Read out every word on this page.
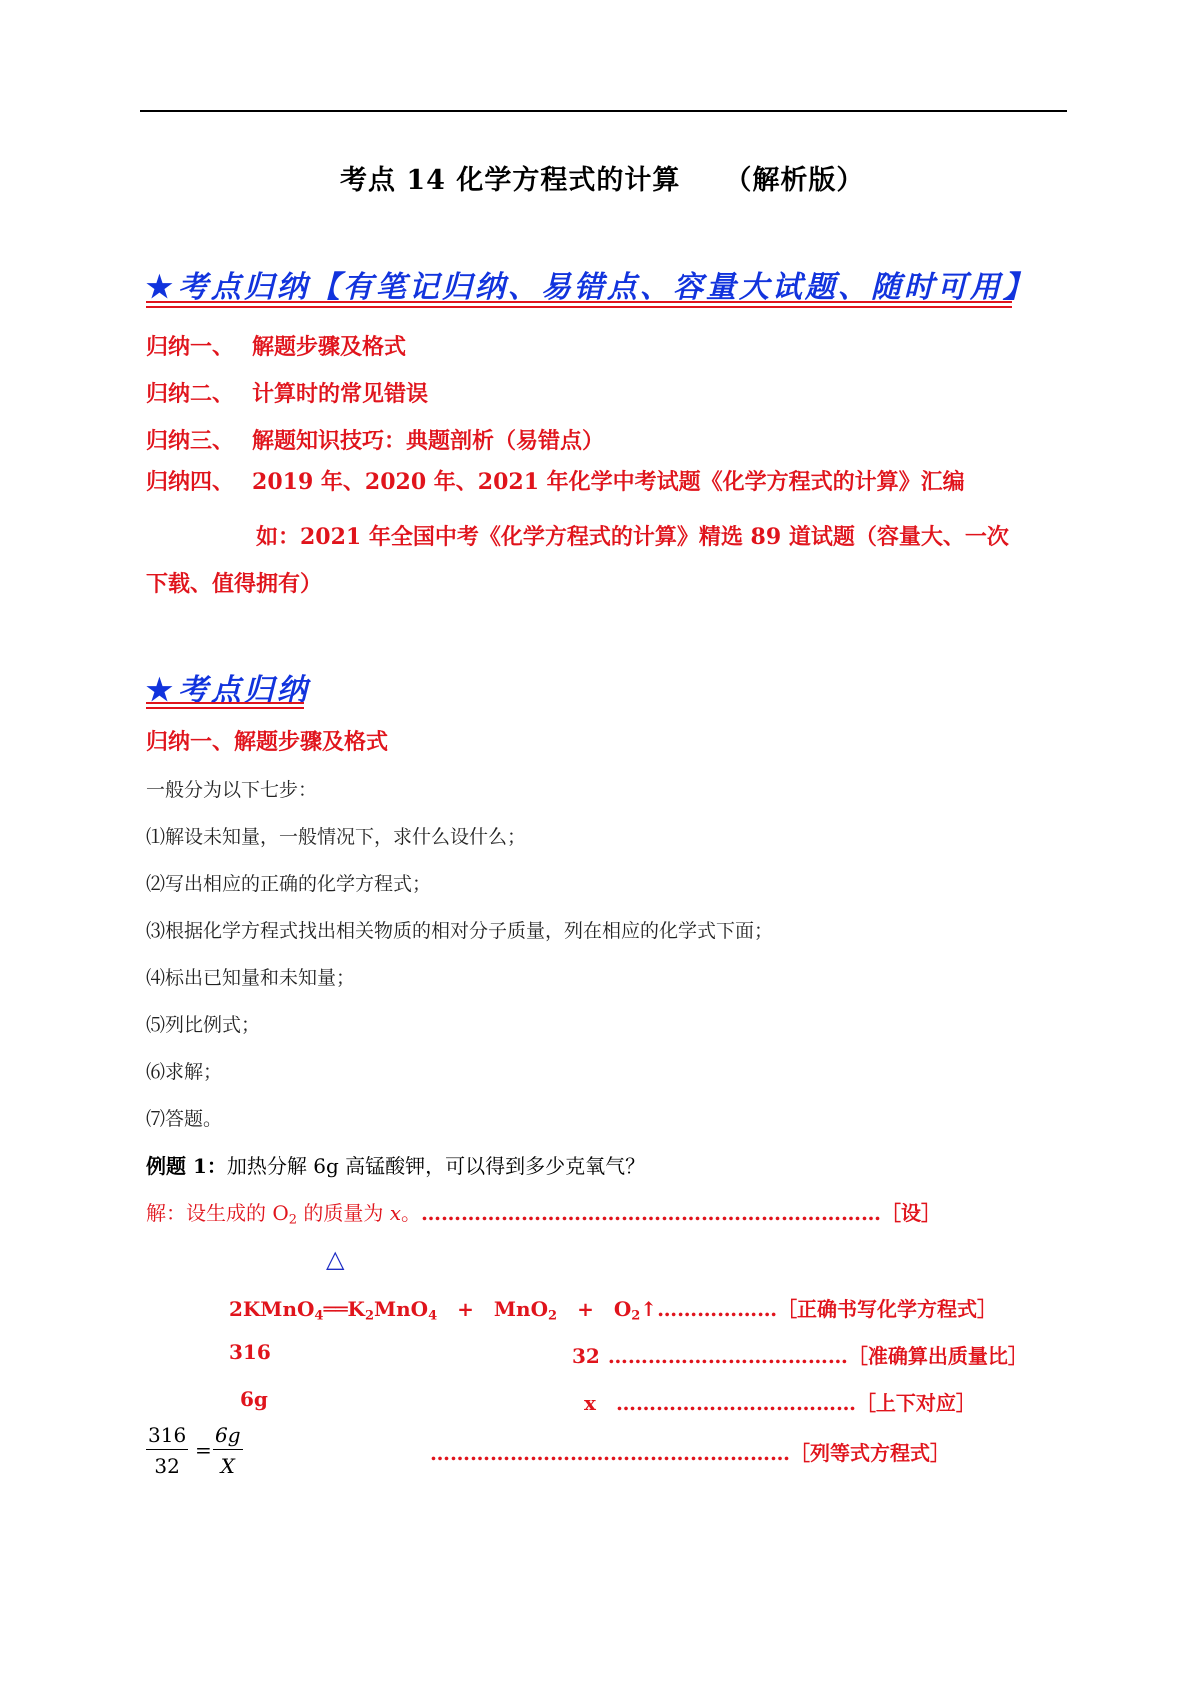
考点 14 化学方程式的计算 （解析版）
★考点归纳【有笔记归纳、易错点、容量大试题、随时可用】
归纳一、 解题步骤及格式
归纳二、 计算时的常见错误
归纳三、 解题知识技巧：典题剖析（易错点）
归纳四、 2019 年、2020 年、2021 年化学中考试题《化学方程式的计算》汇编
如：2021 年全国中考《化学方程式的计算》精选 89 道试题（容量大、一次
下载、值得拥有）
★考点归纳
归纳一、解题步骤及格式
一般分为以下七步：
⑴解设未知量，一般情况下，求什么设什么；
⑵写出相应的正确的化学方程式；
⑶根据化学方程式找出相关物质的相对分子质量，列在相应的化学式下面；
⑷标出已知量和未知量；
⑸列比例式；
⑹求解；
⑺答题。
例题 1：加热分解 6g 高锰酸钾，可以得到多少克氧气？
解：设生成的 $O_2$ 的质量为 x。……………………………………………………………［设］
△
$2KMnO_4══K_2MnO_4 + MnO_2$ + $O_2↑\dots\dots\dots\dots\dots\dots[$正确书写化学方程式］
316	32 ………………………………［准确算出质量比］
6g	x ………………………………［上下对应］
$\frac{316}{32} = \frac{6g}{X}$	………………………………………………［列等式方程式］
